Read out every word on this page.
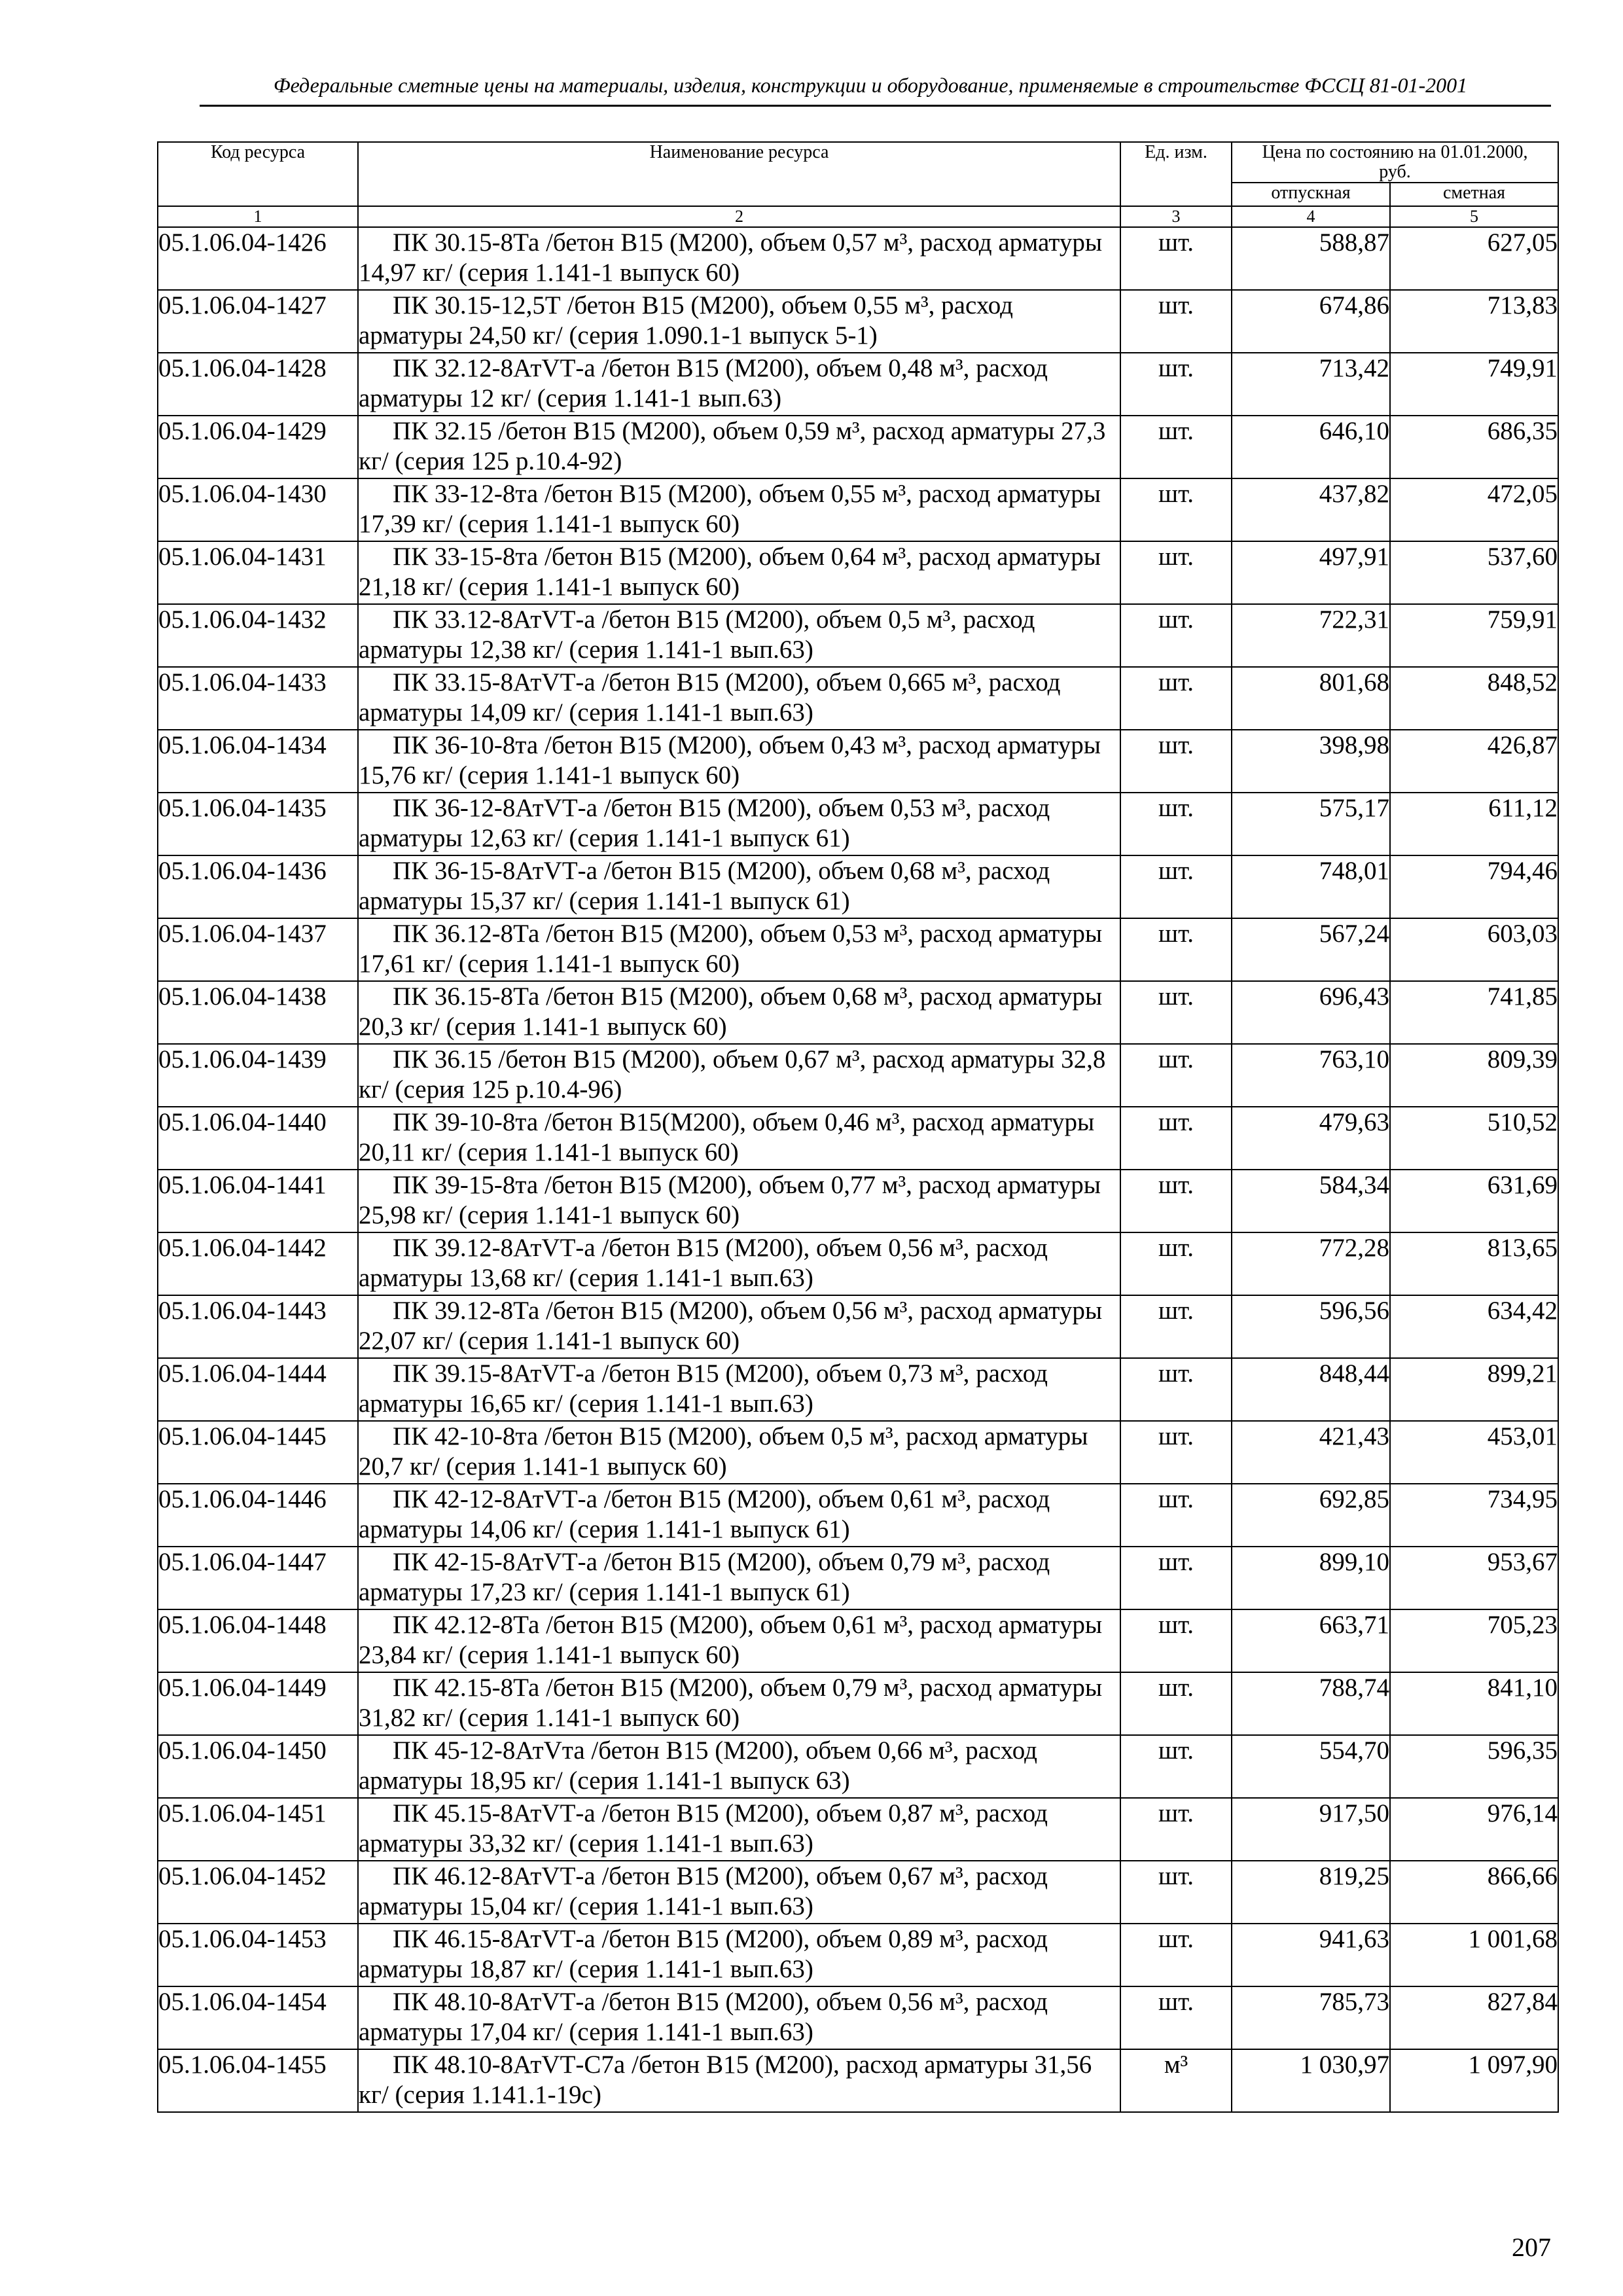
Федеральные сметные цены на материалы, изделия, конструкции и оборудование, применяемые в строительстве ФССЦ 81-01-2001
Код ресурса	Наименование ресурса	Ед. изм.	Цена по состоянию на 01.01.2000, руб.	
			отпускная	сметная
1	2	3	4	5
05.1.06.04-1426	ПК 30.15-8Та /бетон В15 (М200), объем 0,57 м³, расход арматуры 14,97 кг/ (серия 1.141-1 выпуск 60)	шт.	588,87	627,05
05.1.06.04-1427	ПК 30.15-12,5Т /бетон В15 (М200), объем 0,55 м³, расход арматуры 24,50 кг/ (серия 1.090.1-1 выпуск 5-1)	шт.	674,86	713,83
05.1.06.04-1428	ПК 32.12-8АтVТ-а /бетон В15 (М200), объем 0,48 м³, расход арматуры 12 кг/ (серия 1.141-1 вып.63)	шт.	713,42	749,91
05.1.06.04-1429	ПК 32.15 /бетон В15 (М200), объем 0,59 м³, расход арматуры 27,3 кг/ (серия 125 р.10.4-92)	шт.	646,10	686,35
05.1.06.04-1430	ПК 33-12-8та /бетон В15 (М200), объем 0,55 м³, расход арматуры 17,39 кг/ (серия 1.141-1 выпуск 60)	шт.	437,82	472,05
05.1.06.04-1431	ПК 33-15-8та /бетон В15 (М200), объем 0,64 м³, расход арматуры 21,18 кг/ (серия 1.141-1 выпуск 60)	шт.	497,91	537,60
05.1.06.04-1432	ПК 33.12-8АтVТ-а /бетон В15 (М200), объем 0,5 м³, расход арматуры 12,38 кг/ (серия 1.141-1 вып.63)	шт.	722,31	759,91
05.1.06.04-1433	ПК 33.15-8АтVТ-а /бетон В15 (М200), объем 0,665 м³, расход арматуры 14,09 кг/ (серия 1.141-1 вып.63)	шт.	801,68	848,52
05.1.06.04-1434	ПК 36-10-8та /бетон В15 (М200), объем 0,43 м³, расход арматуры 15,76 кг/ (серия 1.141-1 выпуск 60)	шт.	398,98	426,87
05.1.06.04-1435	ПК 36-12-8АтVТ-а /бетон В15 (М200), объем 0,53 м³, расход арматуры 12,63 кг/ (серия 1.141-1 выпуск 61)	шт.	575,17	611,12
05.1.06.04-1436	ПК 36-15-8АтVТ-а /бетон В15 (М200), объем 0,68 м³, расход арматуры 15,37 кг/ (серия 1.141-1 выпуск 61)	шт.	748,01	794,46
05.1.06.04-1437	ПК 36.12-8Та /бетон В15 (М200), объем 0,53 м³, расход арматуры 17,61 кг/ (серия 1.141-1 выпуск 60)	шт.	567,24	603,03
05.1.06.04-1438	ПК 36.15-8Та /бетон В15 (М200), объем 0,68 м³, расход арматуры 20,3 кг/ (серия 1.141-1 выпуск 60)	шт.	696,43	741,85
05.1.06.04-1439	ПК 36.15 /бетон В15 (М200), объем 0,67 м³, расход арматуры 32,8 кг/ (серия 125 р.10.4-96)	шт.	763,10	809,39
05.1.06.04-1440	ПК 39-10-8та /бетон В15(М200), объем 0,46 м³, расход арматуры 20,11 кг/ (серия 1.141-1 выпуск 60)	шт.	479,63	510,52
05.1.06.04-1441	ПК 39-15-8та /бетон В15 (М200), объем 0,77 м³, расход арматуры 25,98 кг/ (серия 1.141-1 выпуск 60)	шт.	584,34	631,69
05.1.06.04-1442	ПК 39.12-8АтVТ-а /бетон В15 (М200), объем 0,56 м³, расход арматуры 13,68 кг/ (серия 1.141-1 вып.63)	шт.	772,28	813,65
05.1.06.04-1443	ПК 39.12-8Та /бетон В15 (М200), объем 0,56 м³, расход арматуры 22,07 кг/ (серия 1.141-1 выпуск 60)	шт.	596,56	634,42
05.1.06.04-1444	ПК 39.15-8АтVТ-а /бетон В15 (М200), объем 0,73 м³, расход арматуры 16,65 кг/ (серия 1.141-1 вып.63)	шт.	848,44	899,21
05.1.06.04-1445	ПК 42-10-8та /бетон В15 (М200), объем 0,5 м³, расход арматуры 20,7 кг/ (серия 1.141-1 выпуск 60)	шт.	421,43	453,01
05.1.06.04-1446	ПК 42-12-8АтVТ-а /бетон В15 (М200), объем 0,61 м³, расход арматуры 14,06 кг/ (серия 1.141-1 выпуск 61)	шт.	692,85	734,95
05.1.06.04-1447	ПК 42-15-8АтVТ-а /бетон В15 (М200), объем 0,79 м³, расход арматуры 17,23 кг/ (серия 1.141-1 выпуск 61)	шт.	899,10	953,67
05.1.06.04-1448	ПК 42.12-8Та /бетон В15 (М200), объем 0,61 м³, расход арматуры 23,84 кг/ (серия 1.141-1 выпуск 60)	шт.	663,71	705,23
05.1.06.04-1449	ПК 42.15-8Та /бетон В15 (М200), объем 0,79 м³, расход арматуры 31,82 кг/ (серия 1.141-1 выпуск 60)	шт.	788,74	841,10
05.1.06.04-1450	ПК 45-12-8АтVта /бетон В15 (М200), объем 0,66 м³, расход арматуры 18,95 кг/ (серия 1.141-1 выпуск 63)	шт.	554,70	596,35
05.1.06.04-1451	ПК 45.15-8АтVТ-а /бетон В15 (М200), объем 0,87 м³, расход арматуры 33,32 кг/ (серия 1.141-1 вып.63)	шт.	917,50	976,14
05.1.06.04-1452	ПК 46.12-8АтVТ-а /бетон В15 (М200), объем 0,67 м³, расход арматуры 15,04 кг/ (серия 1.141-1 вып.63)	шт.	819,25	866,66
05.1.06.04-1453	ПК 46.15-8АтVТ-а /бетон В15 (М200), объем 0,89 м³, расход арматуры 18,87 кг/ (серия 1.141-1 вып.63)	шт.	941,63	1 001,68
05.1.06.04-1454	ПК 48.10-8АтVТ-а /бетон В15 (М200), объем 0,56 м³, расход арматуры 17,04 кг/ (серия 1.141-1 вып.63)	шт.	785,73	827,84
05.1.06.04-1455	ПК 48.10-8АтVТ-С7а /бетон В15 (М200), расход арматуры 31,56 кг/ (серия 1.141.1-19с)	м³	1 030,97	1 097,90
207
